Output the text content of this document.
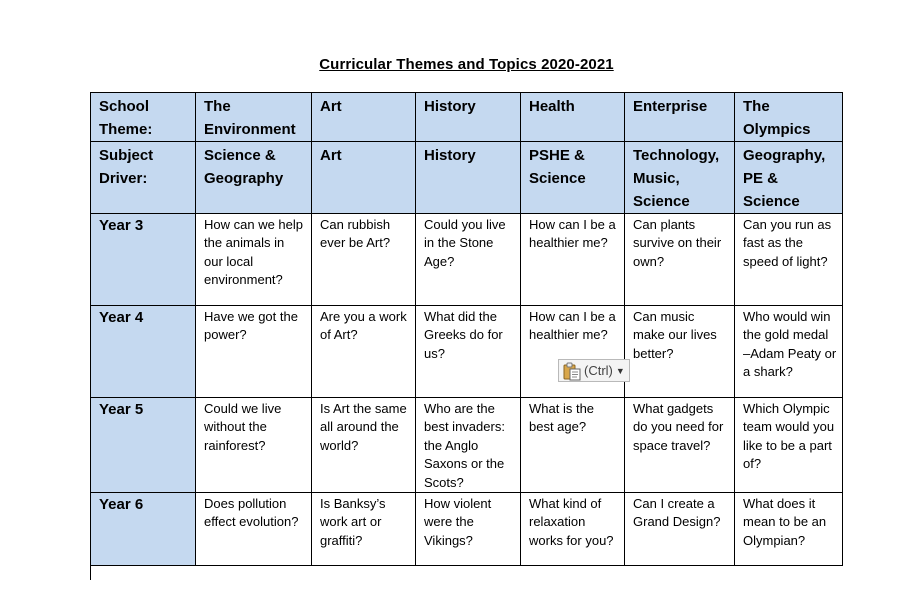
Curricular Themes and Topics 2020-2021
School Theme:	The Environment	Art	History	Health	Enterprise	The Olympics
Subject Driver:	Science & Geography	Art	History	PSHE & Science	Technology, Music, Science	Geography, PE & Science
Year 3	How can we help the animals in our local environment?	Can rubbish ever be Art?	Could you live in the Stone Age?	How can I be a healthier me?	Can plants survive on their own?	Can you run as fast as the speed of light?
Year 4	Have we got the power?	Are you a work of Art?	What did the Greeks do for us?	How can I be a healthier me?	Can music make our lives better?	Who would win the gold medal –Adam Peaty or a shark?
Year 5	Could we live without the rainforest?	Is Art the same all around the world?	Who are the best invaders: the Anglo Saxons or the Scots?	What is the best age?	What gadgets do you need for space travel?	Which Olympic team would you like to be a part of?
Year 6	Does pollution effect evolution?	Is Banksy’s work art or graffiti?	How violent were the Vikings?	What kind of relaxation works for you?	Can I create a Grand Design?	What does it mean to be an Olympian?
(Ctrl) ▼
